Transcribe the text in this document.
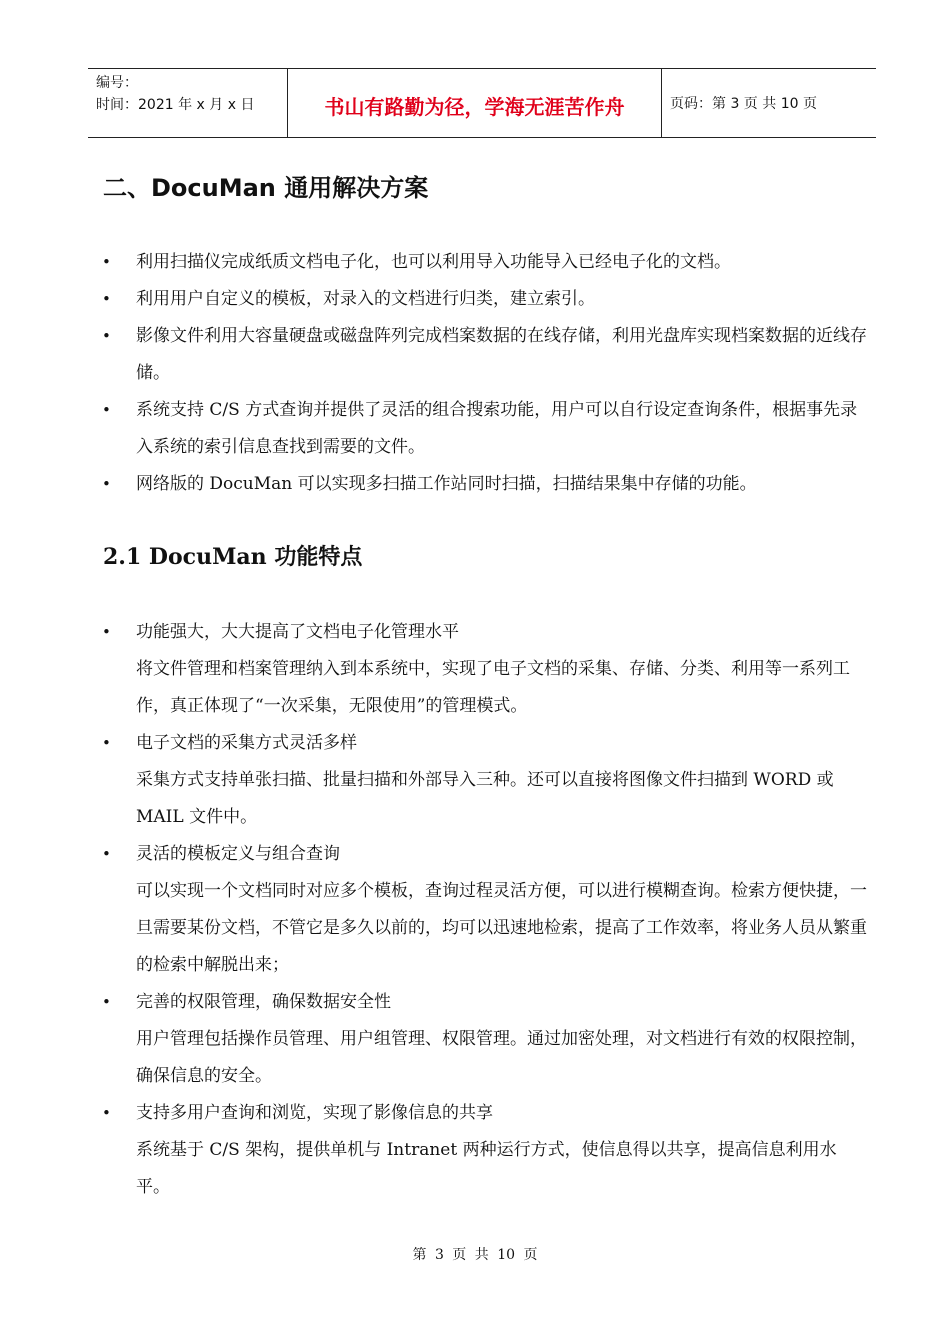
编号：
时间：2021 年 x 月 x 日	书山有路勤为径，学海无涯苦作舟	页码：第 3 页 共 10 页
二、DocuMan 通用解决方案
• 利用扫描仪完成纸质文档电子化，也可以利用导入功能导入已经电子化的文档。
• 利用用户自定义的模板，对录入的文档进行归类，建立索引。
• 影像文件利用大容量硬盘或磁盘阵列完成档案数据的在线存储，利用光盘库实现档案数据的近线存储。
• 系统支持 C/S 方式查询并提供了灵活的组合搜索功能，用户可以自行设定查询条件，根据事先录入系统的索引信息查找到需要的文件。
• 网络版的 DocuMan 可以实现多扫描工作站同时扫描，扫描结果集中存储的功能。
2.1 DocuMan 功能特点
• 功能强大，大大提高了文档电子化管理水平
将文件管理和档案管理纳入到本系统中，实现了电子文档的采集、存储、分类、利用等一系列工作，真正体现了“一次采集，无限使用”的管理模式。
• 电子文档的采集方式灵活多样
采集方式支持单张扫描、批量扫描和外部导入三种。还可以直接将图像文件扫描到 WORD 或 MAIL 文件中。
• 灵活的模板定义与组合查询
可以实现一个文档同时对应多个模板，查询过程灵活方便，可以进行模糊查询。检索方便快捷，一旦需要某份文档，不管它是多久以前的，均可以迅速地检索，提高了工作效率，将业务人员从繁重的检索中解脱出来；
• 完善的权限管理，确保数据安全性
用户管理包括操作员管理、用户组管理、权限管理。通过加密处理，对文档进行有效的权限控制，确保信息的安全。
• 支持多用户查询和浏览，实现了影像信息的共享
系统基于 C/S 架构，提供单机与 Intranet 两种运行方式，使信息得以共享，提高信息利用水平。
第 3 页 共 10 页
